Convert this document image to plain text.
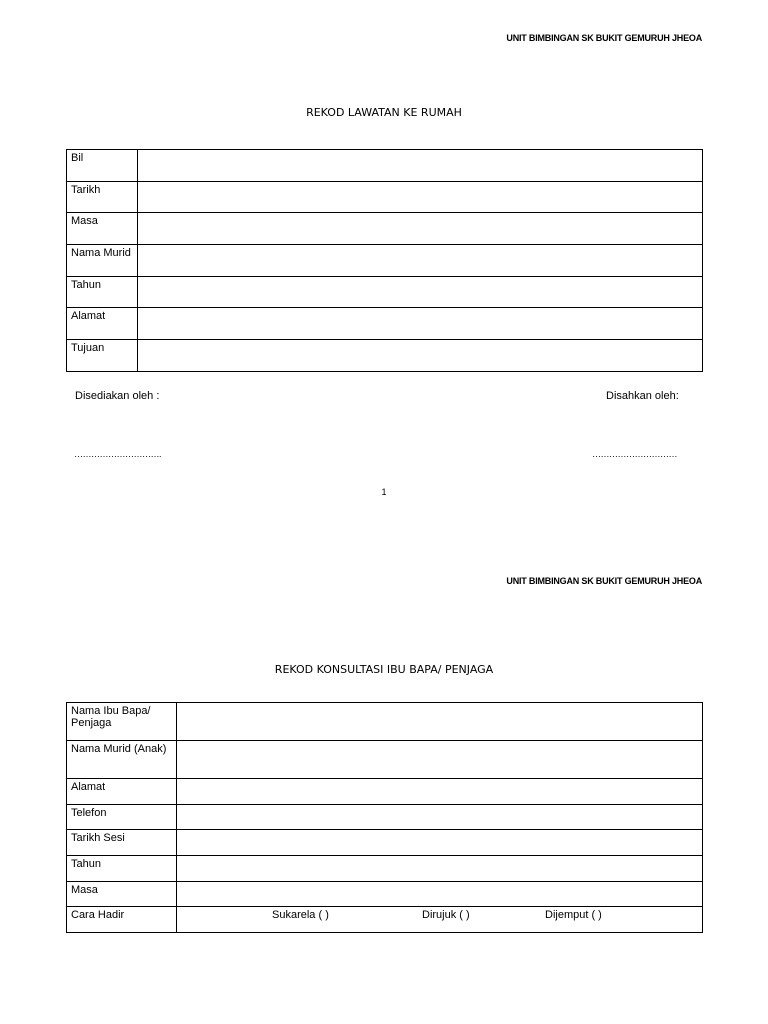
UNIT BIMBINGAN SK BUKIT GEMURUH JHEOA
REKOD LAWATAN KE RUMAH
Bil	
Tarikh	
Masa	
Nama Murid	
Tahun	
Alamat	
Tujuan	
Disediakan oleh :	Disahkan oleh:
………………………….	…………………………
1
UNIT BIMBINGAN SK BUKIT GEMURUH JHEOA
REKOD KONSULTASI IBU BAPA/ PENJAGA
Nama Ibu Bapa/ Penjaga	
Nama Murid (Anak)	
Alamat	
Telefon	
Tarikh Sesi	
Tahun	
Masa	
Cara Hadir	Sukarela ( ) Dirujuk ( ) Dijemput ( )
